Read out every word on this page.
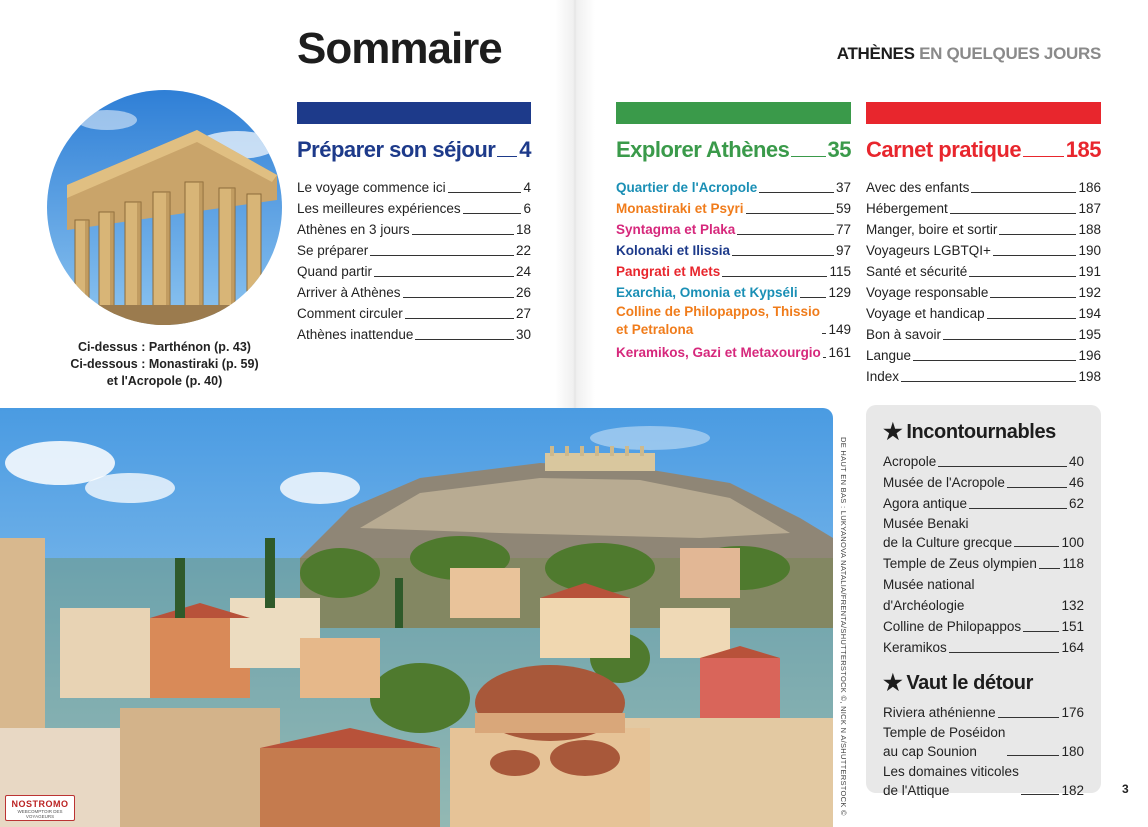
Sommaire	ATHÈNES EN QUELQUES JOURS
Ci-dessus : Parthénon (p. 43)
Ci-dessous : Monastiraki (p. 59)
et l'Acropole (p. 40)
Préparer son séjour 4
Le voyage commence ici	4
Les meilleures expériences	6
Athènes en 3 jours	18
Se préparer	22
Quand partir	24
Arriver à Athènes	26
Comment circuler	27
Athènes inattendue	30
Explorer Athènes 35
Quartier de l'Acropole	37
Monastiraki et Psyri	59
Syntagma et Plaka	77
Kolonaki et Ilissia	97
Pangrati et Mets	115
Exarchia, Omonia et Kypséli 129
Colline de Philopappos, Thissio
et Petralona	149
Keramikos, Gazi et Metaxourgio 161
Carnet pratique 185
Avec des enfants	186
Hébergement	187
Manger, boire et sortir	188
Voyageurs LGBTQI+	190
Santé et sécurité	191
Voyage responsable	192
Voyage et handicap	194
Bon à savoir	195
Langue	196
Index	198
DE HAUT EN BAS : LUKYANOVA NATALIA/FRENTA/SHUTTERSTOCK ©, NICK N A/SHUTTERSTOCK ©
★ Incontournables
Acropole	40
Musée de l'Acropole	46
Agora antique	62
Musée Benaki
de la Culture grecque	100
Temple de Zeus olympien 118
Musée national d'Archéologie	132
Colline de Philopappos	151
Keramikos	164
★ Vaut le détour
Riviera athénienne	176
Temple de Poséidon
au cap Sounion	180
Les domaines viticoles
de l'Attique	182	3
NOSTROMO
WEBCOMPTOIR DES VOYAGEURS
